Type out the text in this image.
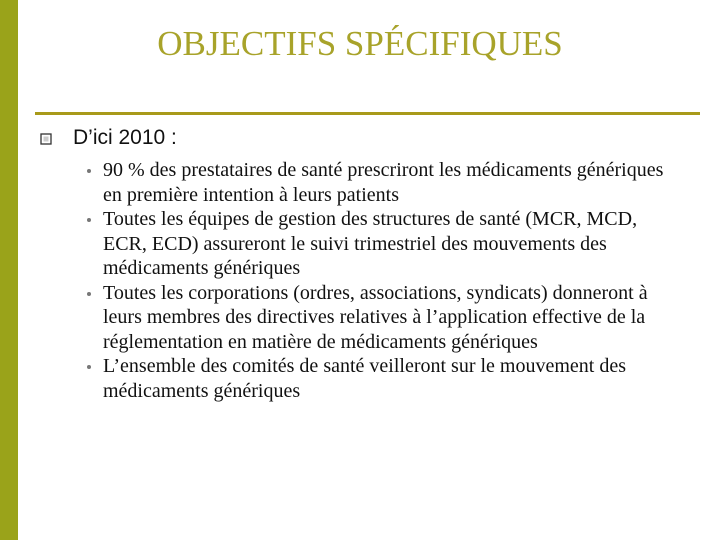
OBJECTIFS SPÉCIFIQUES
D’ici 2010 :
90 % des prestataires de santé prescriront les médicaments génériques en première intention à leurs patients
Toutes les équipes de gestion des structures de santé (MCR, MCD, ECR, ECD) assureront le suivi trimestriel des mouvements des médicaments génériques
Toutes les corporations (ordres, associations, syndicats) donneront à leurs membres des directives relatives à l’application effective de la réglementation en matière de médicaments génériques
L’ensemble des comités de santé veilleront sur le mouvement des médicaments génériques
